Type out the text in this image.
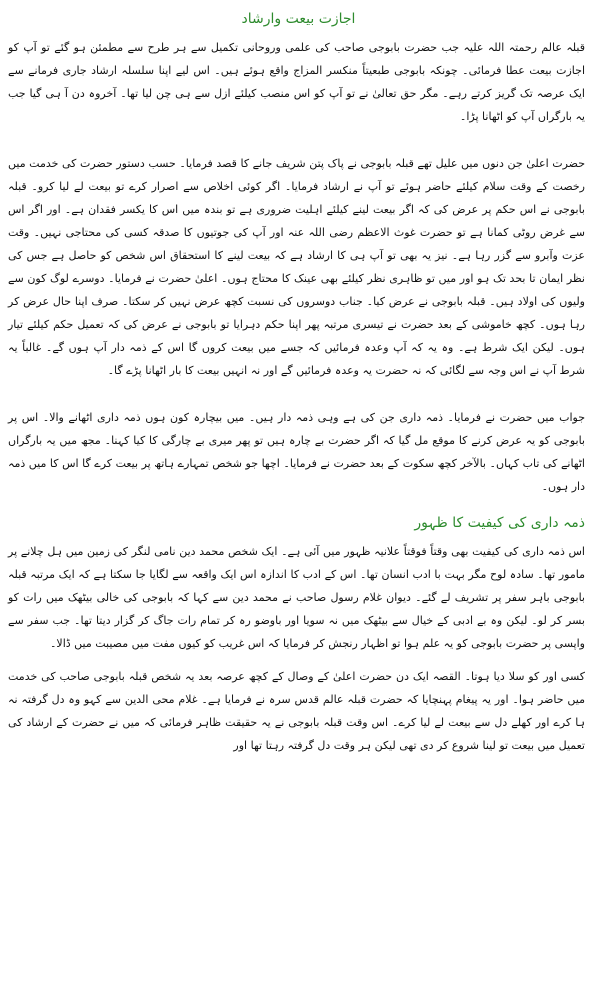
اجازت بیعت وارشاد

قبلہ عالم رحمتہ اللہ علیہ جب حضرت بابوجی صاحب کی علمی وروحانی تکمیل سے ہر طرح سے مطمئن ہو گئے تو آپ کو اجازت بیعت عطا فرمائی۔ چونکہ بابوجی طبعیتاً منکسر المزاج واقع ہوئے ہیں۔ اس لیے اپنا سلسلہ ارشاد جاری فرمانے سے ایک عرصہ تک گریز کرتے رہے۔ مگر حق تعالیٰ نے تو آپ کو اس منصب کیلئے ازل سے ہی چن لیا تھا۔ آخروہ دن آ ہی گیا جب یہ بارگراں آپ کو اٹھانا پڑا۔

حضرت اعلیٰ جن دنوں میں علیل تھے قبلہ بابوجی نے پاک پتن شریف جانے کا قصد فرمایا۔ حسب دستور حضرت کی خدمت میں رخصت کے وقت سلام کیلئے حاضر ہوئے تو آپ نے ارشاد فرمایا۔ اگر کوئی اخلاص سے اصرار کرے تو بیعت لے لیا کرو۔ قبلہ بابوجی نے اس حکم پر عرض کی کہ اگر بیعت لینے کیلئے اہلیت ضروری ہے تو بندہ میں اس کا یکسر فقدان ہے۔ اور اگر اس سے غرض روٹی کمانا ہے تو حضرت غوث الاعظم رضی اللہ عنہ اور آپ کی جوتیوں کا صدقہ کسی کی محتاجی نہیں۔ وقت عزت وآبرو سے گزر رہا ہے۔ نیز یہ بھی تو آپ ہی کا ارشاد ہے کہ بیعت لینے کا استحقاق اس شخص کو حاصل ہے جس کی نظر ایمان تا بحد تک ہو اور میں تو ظاہری نظر کیلئے بھی عینک کا محتاج ہوں۔ اعلیٰ حضرت نے فرمایا۔ دوسرے لوگ کون سے ولیوں کی اولاد ہیں۔ قبلہ بابوجی نے عرض کیا۔ جناب دوسروں کی نسبت کچھ عرض نہیں کر سکتا۔ صرف اپنا حال عرض کر رہا ہوں۔ کچھ خاموشی کے بعد حضرت نے تیسری مرتبہ پھر اپنا حکم دہرایا تو بابوجی نے عرض کی کہ تعمیل حکم کیلئے تیار ہوں۔ لیکن ایک شرط ہے۔ وہ یہ کہ آپ وعدہ فرمائیں کہ جسے میں بیعت کروں گا اس کے ذمہ دار آپ ہوں گے۔ غالباً یہ شرط آپ نے اس وجہ سے لگائی کہ نہ حضرت یہ وعدہ فرمائیں گے اور نہ انہیں بیعت کا بار اٹھانا پڑے گا۔

جواب میں حضرت نے فرمایا۔ ذمہ داری جن کی ہے وہی ذمہ دار ہیں۔ میں بیچارہ کون ہوں ذمہ داری اٹھانے والا۔ اس پر بابوجی کو یہ عرض کرنے کا موقع مل گیا کہ اگر حضرت بے چارہ ہیں تو پھر میری بے چارگی کا کیا کہنا۔ مجھ میں یہ بارگراں اٹھانے کی تاب کہاں۔ بالآخر کچھ سکوت کے بعد حضرت نے فرمایا۔ اچھا جو شخص تمہارے ہاتھ پر بیعت کرے گا اس کا میں ذمہ دار ہوں۔

ذمہ داری کی کیفیت کا ظہور

اس ذمہ داری کی کیفیت بھی وقتاً فوقتاً علانیہ ظہور میں آئی ہے۔ ایک شخص محمد دین نامی لنگر کی زمین میں ہل چلانے پر مامور تھا۔ سادہ لوح مگر بہت با ادب انسان تھا۔ اس کے ادب کا اندازہ اس ایک واقعہ سے لگایا جا سکتا ہے کہ ایک مرتبہ قبلہ بابوجی باہر سفر پر تشریف لے گئے۔ دیوان غلام رسول صاحب نے محمد دین سے کہا کہ بابوجی کی خالی بیٹھک میں رات کو بسر کر لو۔ لیکن وہ بے ادبی کے خیال سے بیٹھک میں نہ سویا اور باوضو رہ کر تمام رات جاگ کر گزار دیتا تھا۔ جب سفر سے واپسی پر حضرت بابوجی کو یہ علم ہوا تو اظہار رنجش کر فرمایا کہ اس غریب کو کیوں مفت میں مصیبت میں ڈالا۔

کسی اور کو سلا دیا ہوتا۔ القصہ ایک دن حضرت اعلیٰ کے وصال کے کچھ عرصہ بعد یہ شخص قبلہ بابوجی صاحب کی خدمت میں حاضر ہوا۔ اور یہ پیغام پہنچایا کہ حضرت قبلہ عالم قدس سرہ نے فرمایا ہے۔ غلام محی الدین سے کہو وہ دل گرفتہ نہ ہا کرے اور کھلے دل سے بیعت لے لیا کرے۔ اس وقت قبلہ بابوجی نے یہ حقیقت ظاہر فرمائی کہ میں نے حضرت کے ارشاد کی تعمیل میں بیعت تو لینا شروع کر دی تھی لیکن ہر وقت دل گرفتہ رہتا تھا اور
